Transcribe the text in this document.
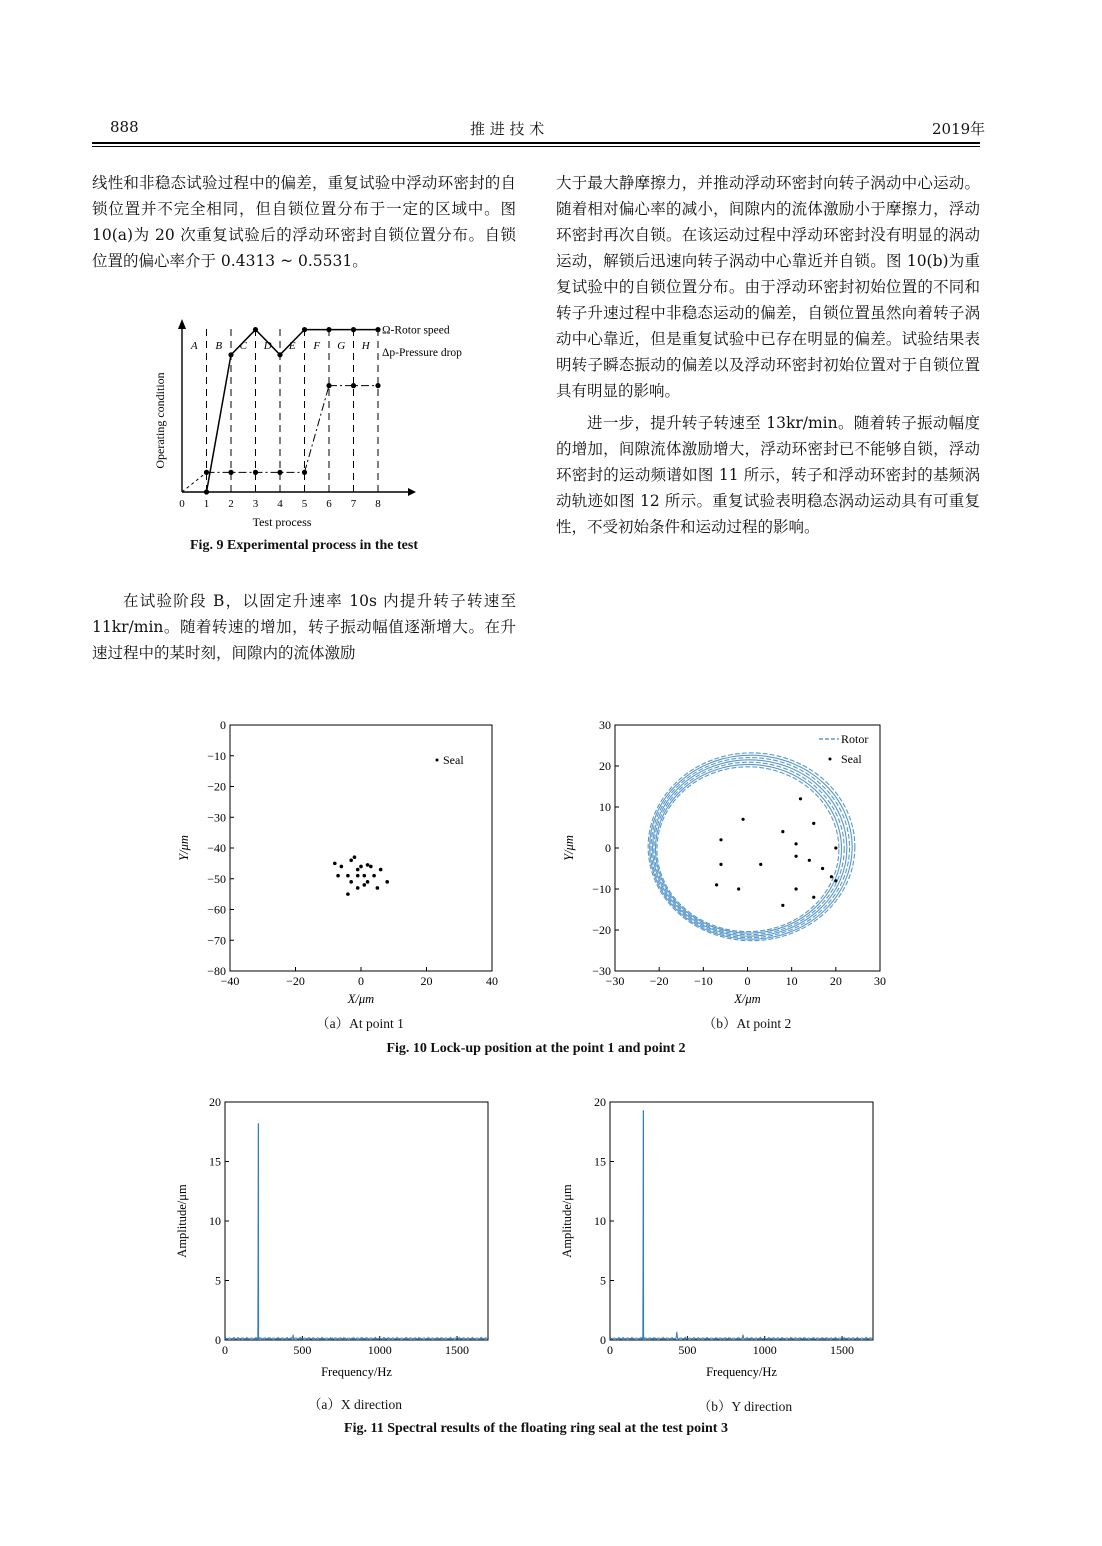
888	推 进 技 术	2019年

线性和非稳态试验过程中的偏差，重复试验中浮动环密封的自锁位置并不完全相同，但自锁位置分布于一定的区域中。图 10(a)为 20 次重复试验后的浮动环密封自锁位置分布。自锁位置的偏心率介于 0.4313 ~ 0.5531。

在试验阶段 B，以固定升速率 10s 内提升转子转速至 11kr/min。随着转速的增加，转子振动幅值逐渐增大。在升速过程中的某时刻，间隙内的流体激励

大于最大静摩擦力，并推动浮动环密封向转子涡动中心运动。随着相对偏心率的减小，间隙内的流体激励小于摩擦力，浮动环密封再次自锁。在该运动过程中浮动环密封没有明显的涡动运动，解锁后迅速向转子涡动中心靠近并自锁。图 10(b)为重复试验中的自锁位置分布。由于浮动环密封初始位置的不同和转子升速过程中非稳态运动的偏差，自锁位置虽然向着转子涡动中心靠近，但是重复试验中已存在明显的偏差。试验结果表明转子瞬态振动的偏差以及浮动环密封初始位置对于自锁位置具有明显的影响。

进一步，提升转子转速至 13kr/min。随着转子振动幅度的增加，间隙流体激励增大，浮动环密封已不能够自锁，浮动环密封的运动频谱如图 11 所示，转子和浮动环密封的基频涡动轨迹如图 12 所示。重复试验表明稳态涡动运动具有可重复性，不受初始条件和运动过程的影响。

0 1 2 3 4 5 6 7 8
A B C D E F G H
Test process
Operating condition
Ω-Rotor speed
Δp-Pressure drop
Fig. 9 Experimental process in the test
−40	−20	0	20	40
0
−10
−20
−30
−40
−50
−60
−70
−80
X/μm
Y/μm
Seal
−30 −20 −10	0	10	20	30
30
20
10
0
−10
−20
−30
X/μm
Y/μm
Rotor
Seal
（a）At point 1	（b）At point 2
Fig. 10 Lock-up position at the point 1 and point 2
0	500	1000	1500
0
5
10
15
20
Frequency/Hz
Amplitude/μm
0	500	1000	1500
0
5
10
15
20
Frequency/Hz
Amplitude/μm
（a）X direction	（b）Y direction
Fig. 11 Spectral results of the floating ring seal at the test point 3
